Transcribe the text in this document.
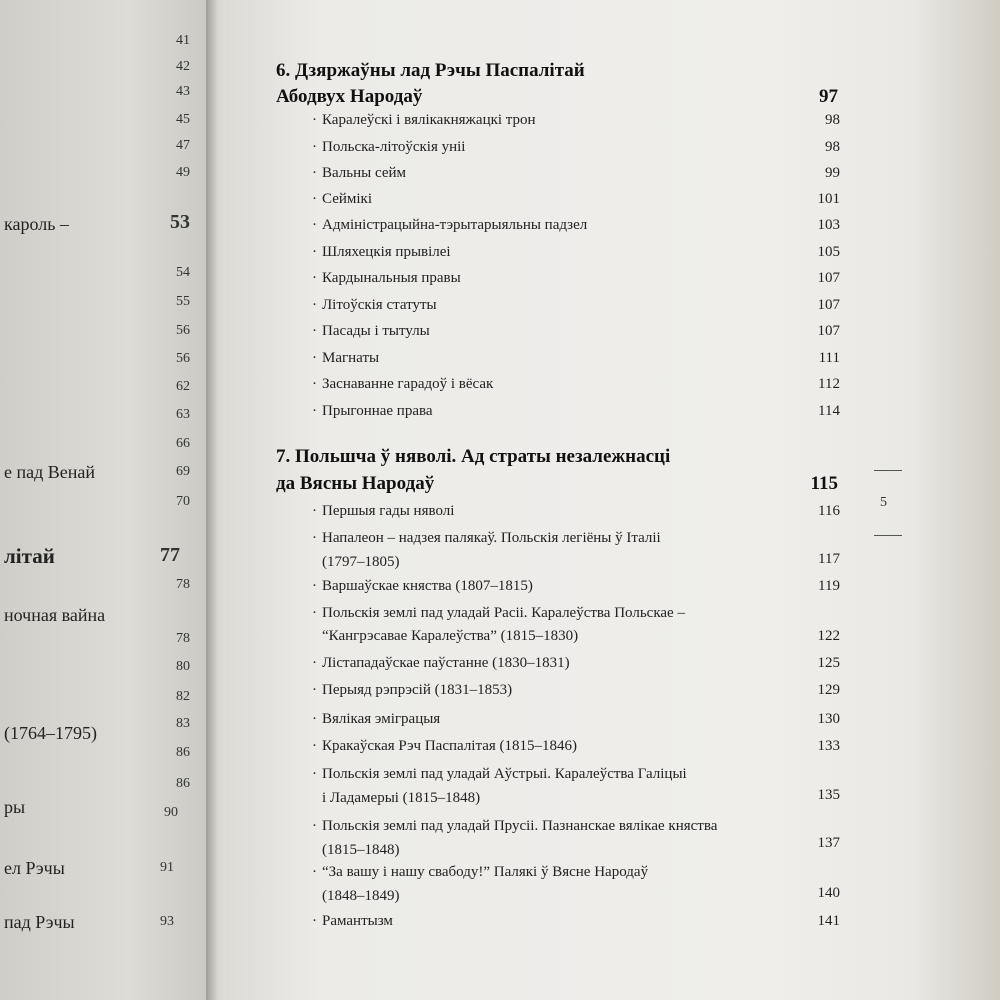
41
42
43
45
47
49
кароль –	53
54
55
56
56
62
63
66
е пад Венай	69
70
літай	77
78
ночная вайна
78
80
82
(1764–1795)	83
86
86
ры	90
ел Рэчы	91
пад Рэчы	93
6. Дзяржаўны лад Рэчы Паспалітай
Абодвух Народаў	97
· Каралеўскі і вялікакняжацкі трон	98
· Польска-літоўскія уніі	98
· Вальны сейм	99
· Сеймікі	101
· Адміністрацыйна-тэрытарыяльны падзел	103
· Шляхецкія прывілеі	105
· Кардынальныя правы	107
· Літоўскія статуты	107
· Пасады і тытулы	107
· Магнаты	111
· Заснаванне гарадоў і вёсак	112
· Прыгоннае права	114
7. Польшча ў няволі. Ад страты незалежнасці
да Вясны Народаў	115
· Першыя гады няволі	116
· Напалеон – надзея палякаў. Польскія легіёны ў Італіі
(1797–1805)	117
· Варшаўскае княства (1807–1815)	119
· Польскія землі пад уладай Расіі. Каралеўства Польскае –
“Кангрэсавае Каралеўства” (1815–1830)	122
· Лістападаўскае паўстанне (1830–1831)	125
· Перыяд рэпрэсій (1831–1853)	129
· Вялікая эміграцыя	130
· Кракаўская Рэч Паспалітая (1815–1846)	133
· Польскія землі пад уладай Аўстрыі. Каралеўства Галіцыі
і Ладамерыі (1815–1848)	135
· Польскія землі пад уладай Прусіі. Пазнанскае вялікае княства
(1815–1848)	137
· “За вашу і нашу свабоду!” Палякі ў Вясне Народаў
(1848–1849)	140
· Рамантызм	141
5
